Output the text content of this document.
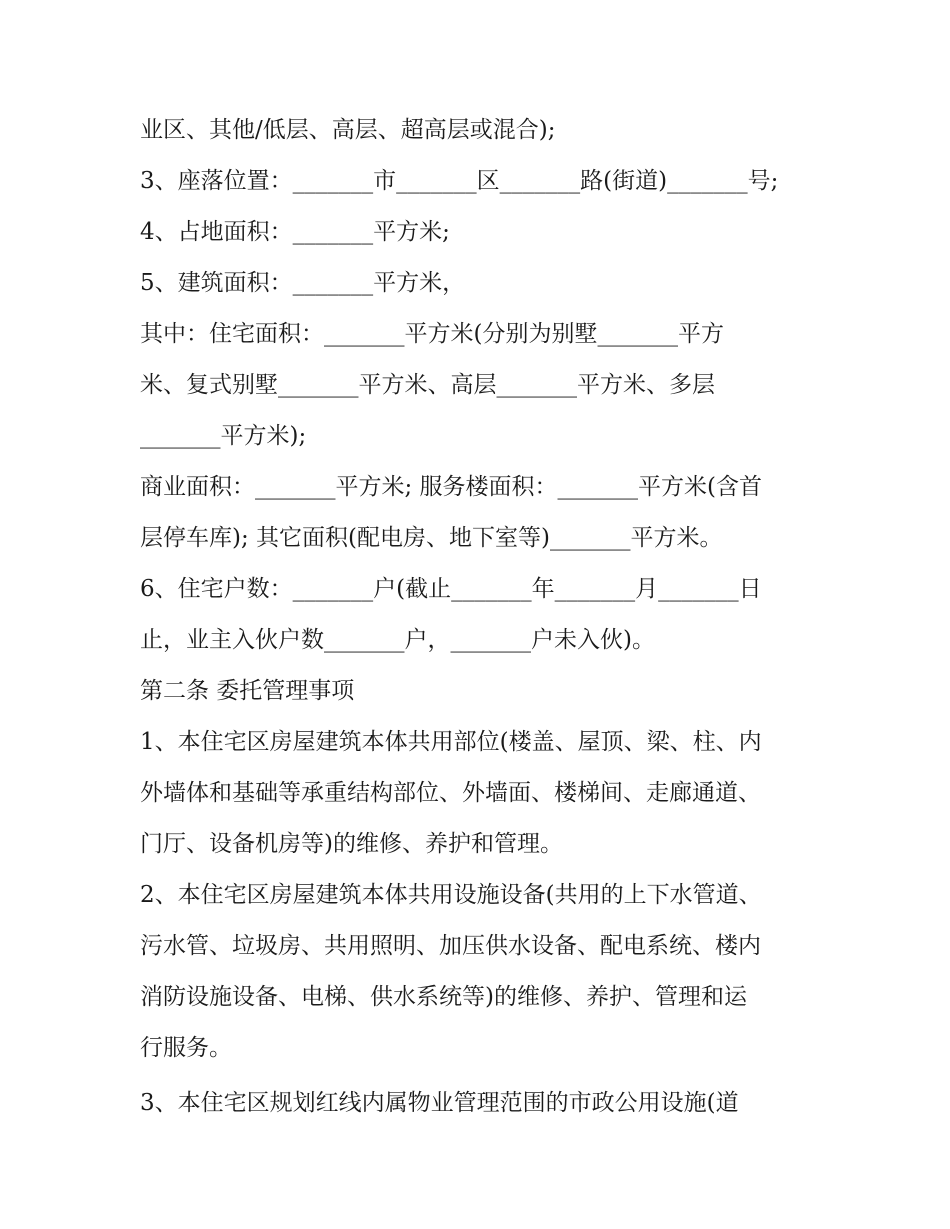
业区、其他/低层、高层、超高层或混合);
3、座落位置：_______市_______区_______路(街道)_______号;
4、占地面积：_______平方米;
5、建筑面积：_______平方米，
其中：住宅面积：_______平方米(分别为别墅_______平方
米、复式别墅_______平方米、高层_______平方米、多层
_______平方米);
商业面积：_______平方米; 服务楼面积：_______平方米(含首
层停车库); 其它面积(配电房、地下室等)_______平方米。
6、住宅户数：_______户(截止_______年_______月_______日
止，业主入伙户数_______户，_______户未入伙)。
第二条 委托管理事项
1、本住宅区房屋建筑本体共用部位(楼盖、屋顶、梁、柱、内
外墙体和基础等承重结构部位、外墙面、楼梯间、走廊通道、
门厅、设备机房等)的维修、养护和管理。
2、本住宅区房屋建筑本体共用设施设备(共用的上下水管道、
污水管、垃圾房、共用照明、加压供水设备、配电系统、楼内
消防设施设备、电梯、供水系统等)的维修、养护、管理和运
行服务。
3、本住宅区规划红线内属物业管理范围的市政公用设施(道
